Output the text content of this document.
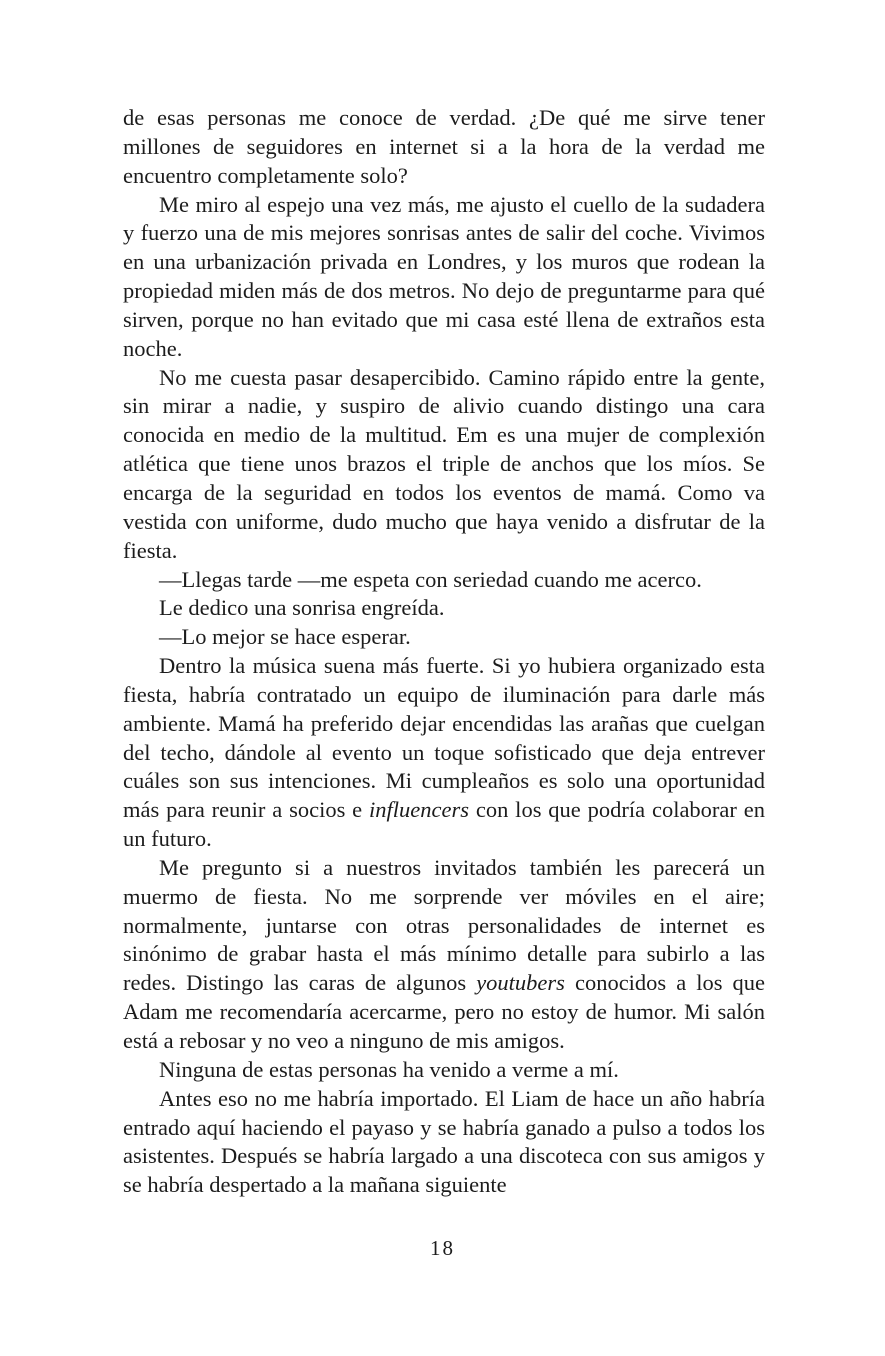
de esas personas me conoce de verdad. ¿De qué me sirve tener millones de seguidores en internet si a la hora de la verdad me encuentro completamente solo?

Me miro al espejo una vez más, me ajusto el cuello de la sudadera y fuerzo una de mis mejores sonrisas antes de salir del coche. Vivimos en una urbanización privada en Londres, y los muros que rodean la propiedad miden más de dos metros. No dejo de preguntarme para qué sirven, porque no han evitado que mi casa esté llena de extraños esta noche.

No me cuesta pasar desapercibido. Camino rápido entre la gente, sin mirar a nadie, y suspiro de alivio cuando distingo una cara conocida en medio de la multitud. Em es una mujer de complexión atlética que tiene unos brazos el triple de anchos que los míos. Se encarga de la seguridad en todos los eventos de mamá. Como va vestida con uniforme, dudo mucho que haya venido a disfrutar de la fiesta.

—Llegas tarde —me espeta con seriedad cuando me acerco.

Le dedico una sonrisa engreída.

—Lo mejor se hace esperar.

Dentro la música suena más fuerte. Si yo hubiera organizado esta fiesta, habría contratado un equipo de iluminación para darle más ambiente. Mamá ha preferido dejar encendidas las arañas que cuelgan del techo, dándole al evento un toque sofisticado que deja entrever cuáles son sus intenciones. Mi cumpleaños es solo una oportunidad más para reunir a socios e influencers con los que podría colaborar en un futuro.

Me pregunto si a nuestros invitados también les parecerá un muermo de fiesta. No me sorprende ver móviles en el aire; normalmente, juntarse con otras personalidades de internet es sinónimo de grabar hasta el más mínimo detalle para subirlo a las redes. Distingo las caras de algunos youtubers conocidos a los que Adam me recomendaría acercarme, pero no estoy de humor. Mi salón está a rebosar y no veo a ninguno de mis amigos.

Ninguna de estas personas ha venido a verme a mí.

Antes eso no me habría importado. El Liam de hace un año habría entrado aquí haciendo el payaso y se habría ganado a pulso a todos los asistentes. Después se habría largado a una discoteca con sus amigos y se habría despertado a la mañana siguiente

18
